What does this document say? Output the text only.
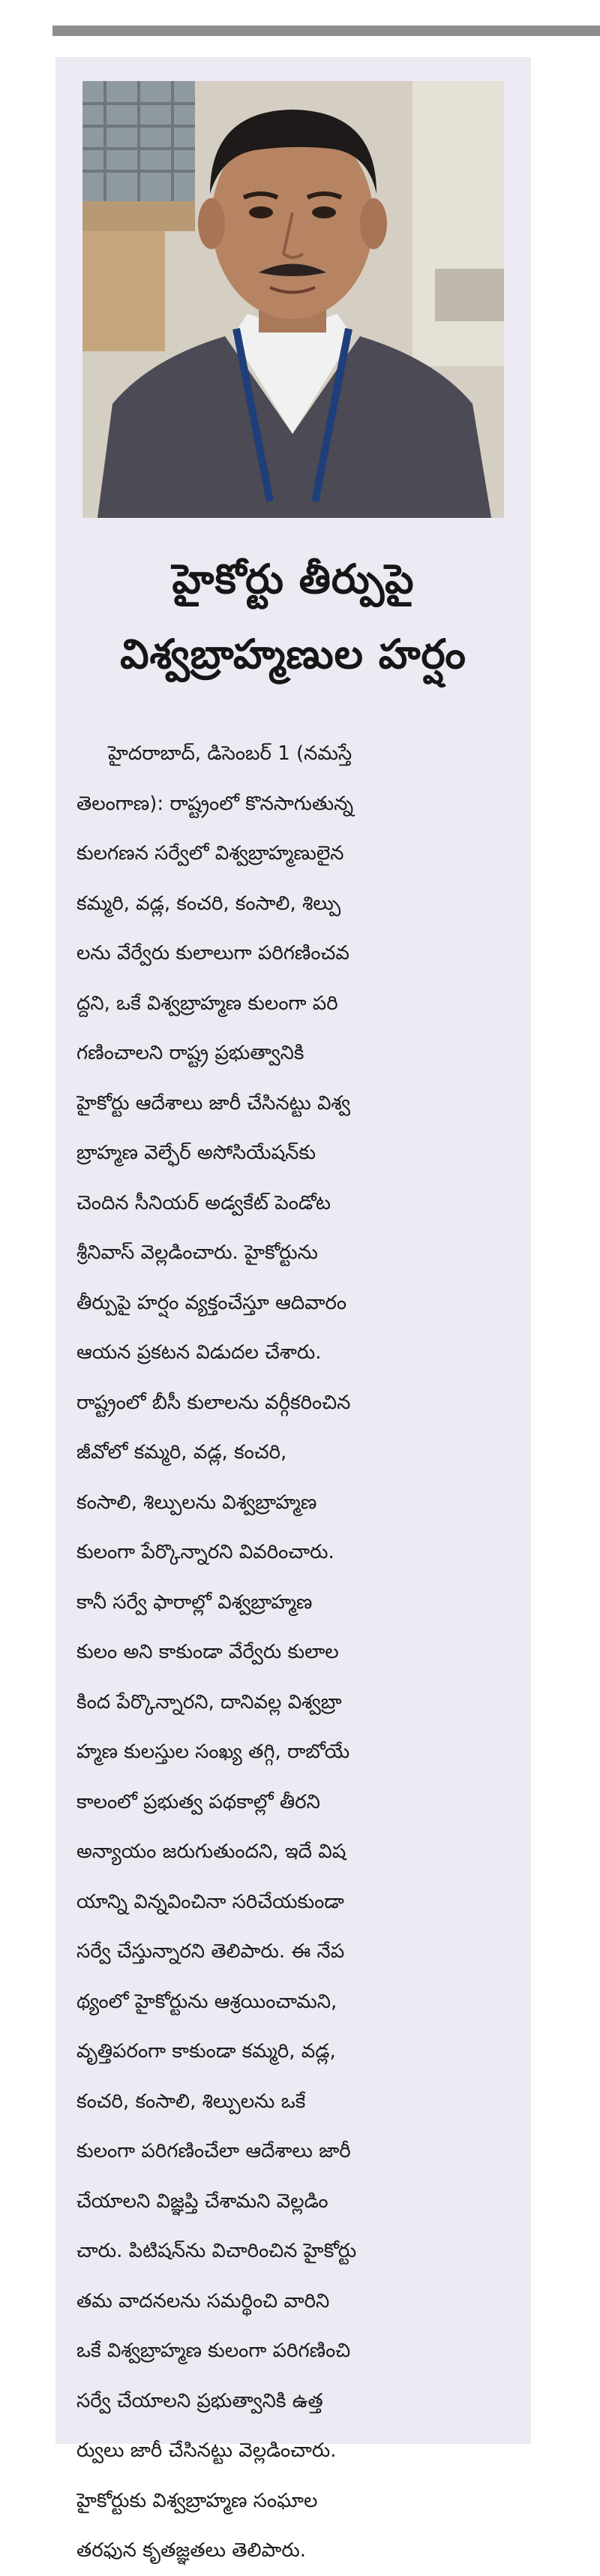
హైకోర్టు తీర్పుపై
విశ్వబ్రాహ్మణుల హర్షం
హైదరాబాద్, డిసెంబర్ 1 (నమస్తే
తెలంగాణ): రాష్ట్రంలో కొనసాగుతున్న
కులగణన సర్వేలో విశ్వబ్రాహ్మణులైన
కమ్మరి, వడ్ల, కంచరి, కంసాలి, శిల్పు
లను వేర్వేరు కులాలుగా పరిగణించవ
ద్దని, ఒకే విశ్వబ్రాహ్మణ కులంగా పరి
గణించాలని రాష్ట్ర ప్రభుత్వానికి
హైకోర్టు ఆదేశాలు జారీ చేసినట్టు విశ్వ
బ్రాహ్మణ వెల్ఫేర్ అసోసియేషన్‌కు
చెందిన సీనియర్ అడ్వకేట్ పెండోట
శ్రీనివాస్ వెల్లడించారు. హైకోర్టును
తీర్పుపై హర్షం వ్యక్తంచేస్తూ ఆదివారం
ఆయన ప్రకటన విడుదల చేశారు.
రాష్ట్రంలో బీసీ కులాలను వర్గీకరించిన
జీవోలో కమ్మరి, వడ్ల, కంచరి,
కంసాలి, శిల్పులను విశ్వబ్రాహ్మణ
కులంగా పేర్కొన్నారని వివరించారు.
కానీ సర్వే ఫారాల్లో విశ్వబ్రాహ్మణ
కులం అని కాకుండా వేర్వేరు కులాల
కింద పేర్కొన్నారని, దానివల్ల విశ్వబ్రా
హ్మణ కులస్తుల సంఖ్య తగ్గి, రాబోయే
కాలంలో ప్రభుత్వ పథకాల్లో తీరని
అన్యాయం జరుగుతుందని, ఇదే విష
యాన్ని విన్నవించినా సరిచేయకుండా
సర్వే చేస్తున్నారని తెలిపారు. ఈ నేప
థ్యంలో హైకోర్టును ఆశ్రయించామని,
వృత్తిపరంగా కాకుండా కమ్మరి, వడ్ల,
కంచరి, కంసాలి, శిల్పులను ఒకే
కులంగా పరిగణించేలా ఆదేశాలు జారీ
చేయాలని విజ్ఞప్తి చేశామని వెల్లడిం
చారు. పిటిషన్‌ను విచారించిన హైకోర్టు
తమ వాదనలను సమర్థించి వారిని
ఒకే విశ్వబ్రాహ్మణ కులంగా పరిగణించి
సర్వే చేయాలని ప్రభుత్వానికి ఉత్త
ర్వులు జారీ చేసినట్టు వెల్లడించారు.
హైకోర్టుకు విశ్వబ్రాహ్మణ సంఘాల
తరఫున కృతజ్ఞతలు తెలిపారు.
